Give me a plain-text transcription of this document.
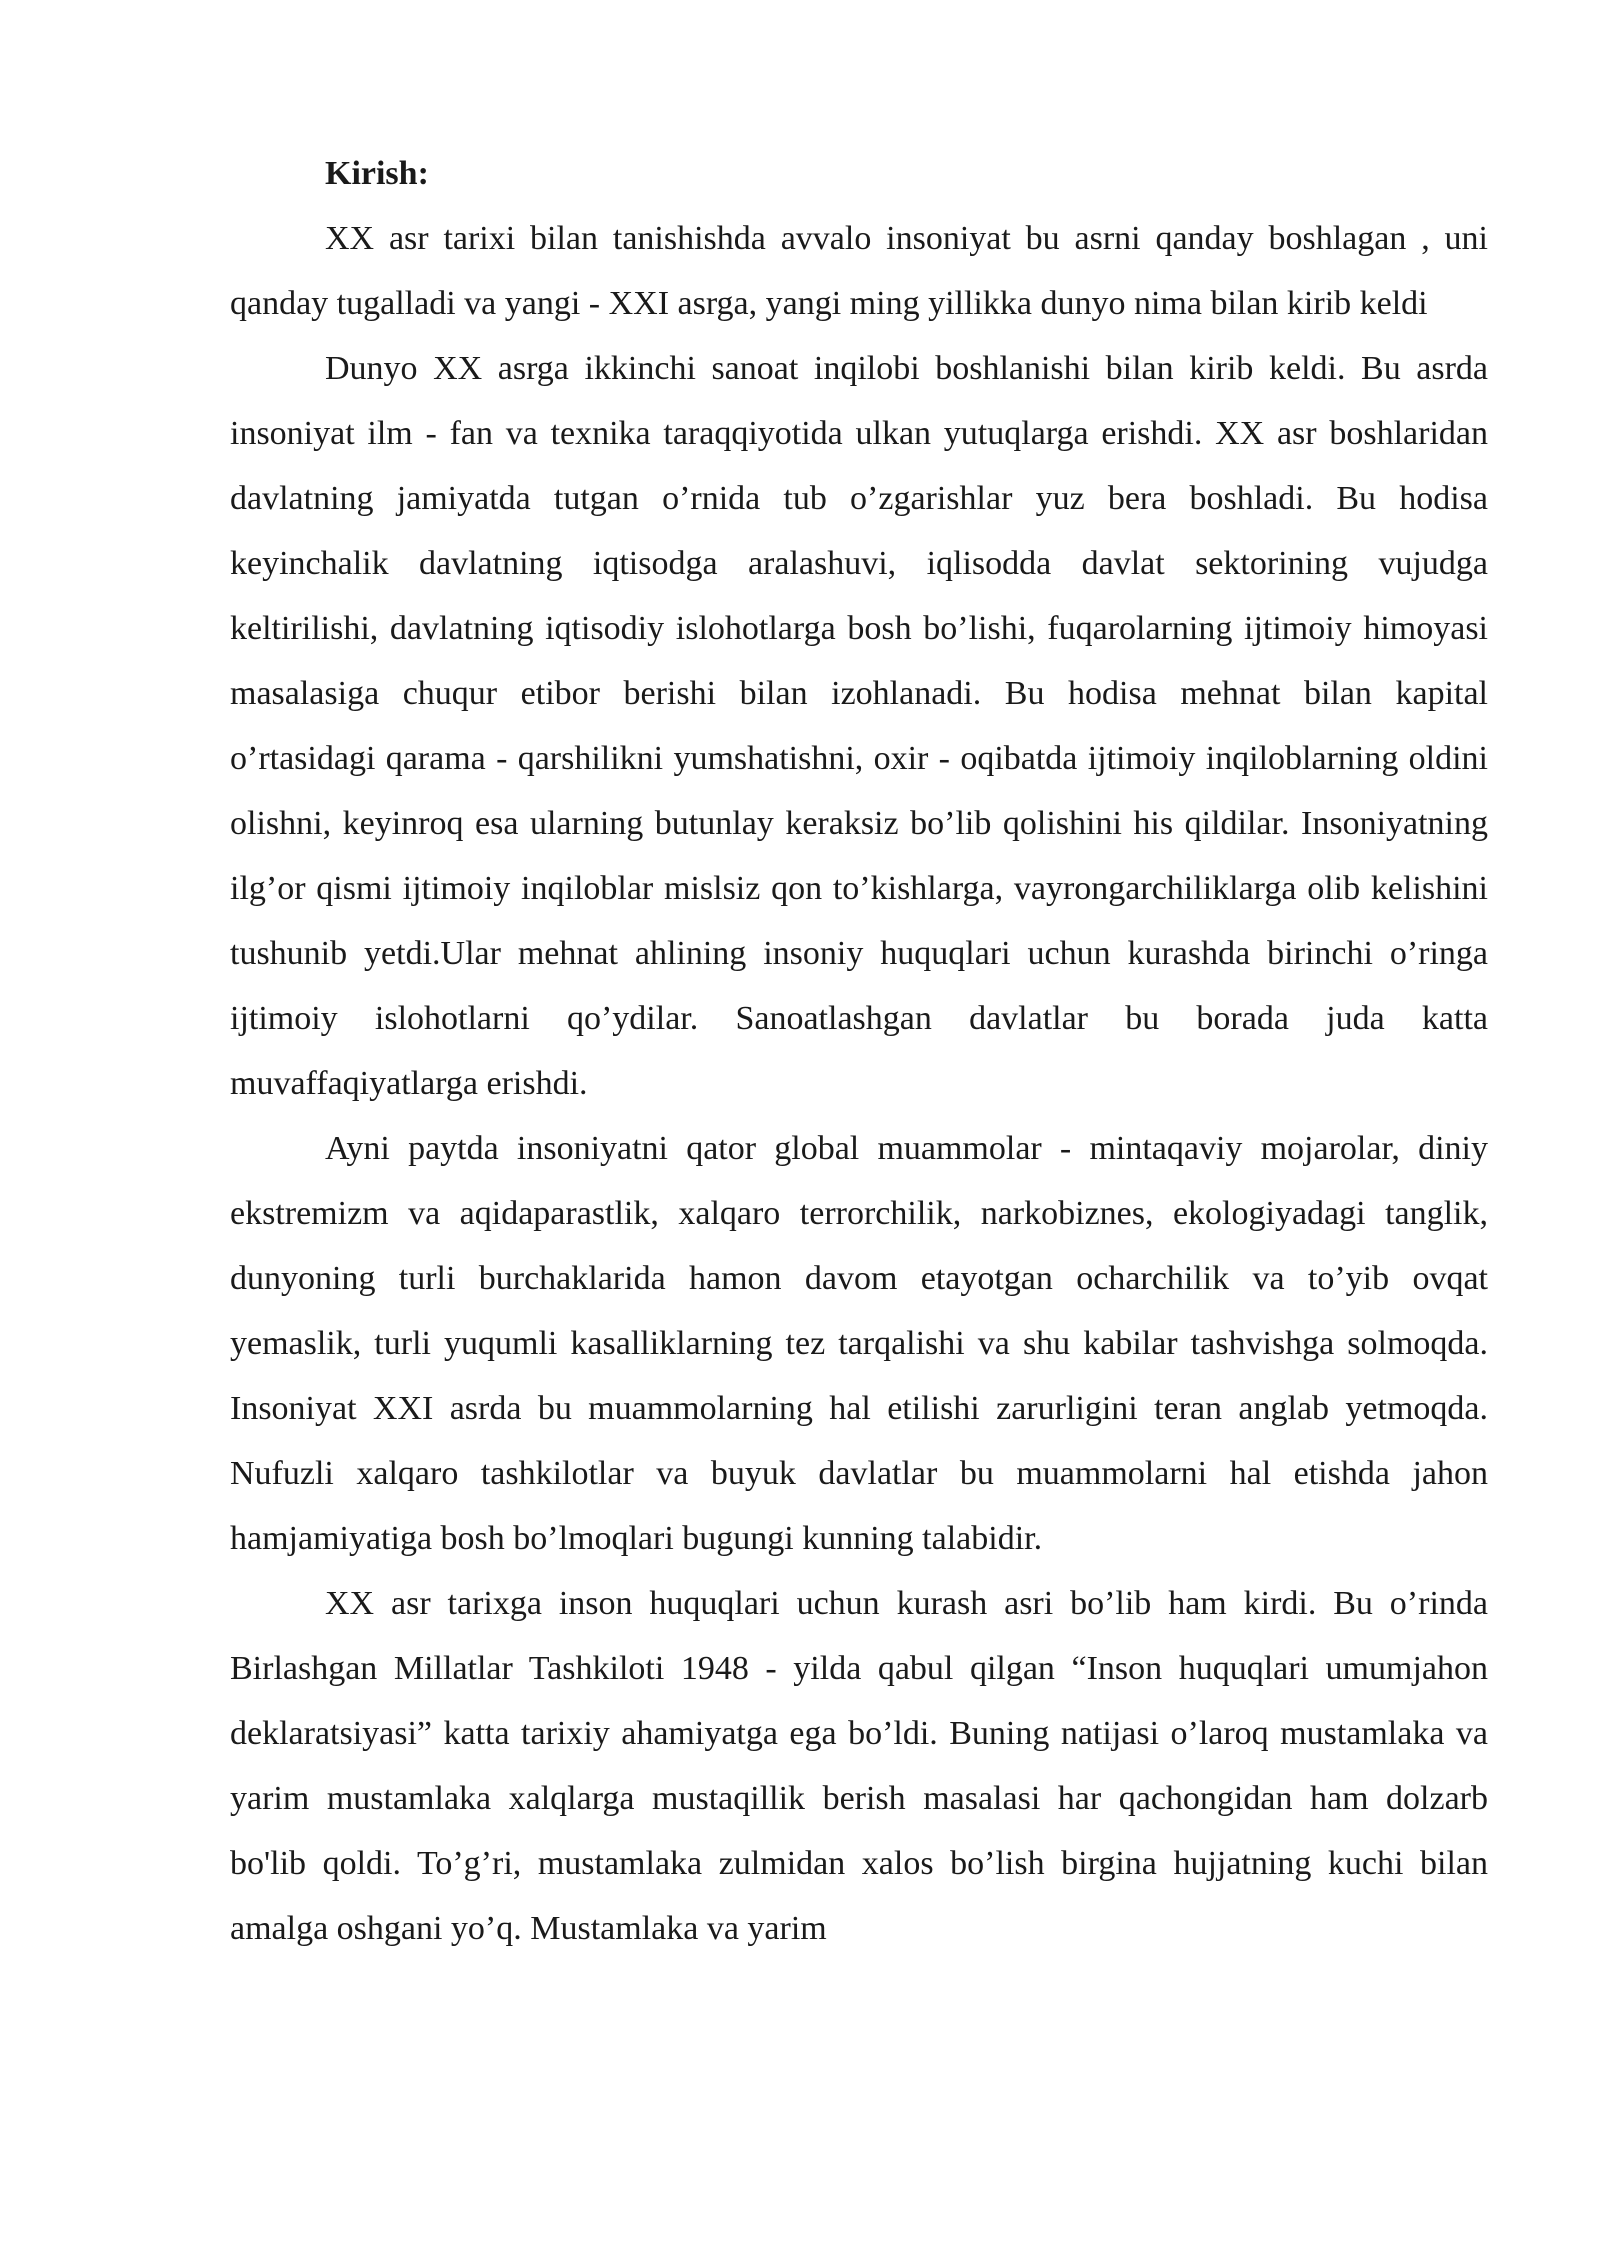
Kirish:

XX asr tarixi bilan tanishishda avvalo insoniyat bu asrni qanday boshlagan , uni qanday tugalladi va yangi - XXI asrga, yangi ming yillikka dunyo nima bilan kirib keldi

Dunyo XX asrga ikkinchi sanoat inqilobi boshlanishi bilan kirib keldi. Bu asrda insoniyat ilm - fan va texnika taraqqiyotida ulkan yutuqlarga erishdi. XX asr boshlaridan davlatning jamiyatda tutgan o’rnida tub o’zgarishlar yuz bera boshladi. Bu hodisa keyinchalik davlatning iqtisodga aralashuvi, iqlisodda davlat sektorining vujudga keltirilishi, davlatning iqtisodiy islohotlarga bosh bo’lishi, fuqarolarning ijtimoiy himoyasi masalasiga chuqur etibor berishi bilan izohlanadi. Bu hodisa mehnat bilan kapital o’rtasidagi qarama - qarshilikni yumshatishni, oxir - oqibatda ijtimoiy inqiloblarning oldini olishni, keyinroq esa ularning butunlay keraksiz bo’lib qolishini his qildilar. Insoniyatning ilg’or qismi ijtimoiy inqiloblar mislsiz qon to’kishlarga, vayrongarchiliklarga olib kelishini tushunib yetdi.Ular mehnat ahlining insoniy huquqlari uchun kurashda birinchi o’ringa ijtimoiy islohotlarni qo’ydilar. Sanoatlashgan davlatlar bu borada juda katta muvaffaqiyatlarga erishdi.

Ayni paytda insoniyatni qator global muammolar - mintaqaviy mojarolar, diniy ekstremizm va aqidaparastlik, xalqaro terrorchilik, narkobiznes, ekologiyadagi tanglik, dunyoning turli burchaklarida hamon davom etayotgan ocharchilik va to’yib ovqat yemaslik, turli yuqumli kasalliklarning tez tarqalishi va shu kabilar tashvishga solmoqda. Insoniyat XXI asrda bu muammolarning hal etilishi zarurligini teran anglab yetmoqda. Nufuzli xalqaro tashkilotlar va buyuk davlatlar bu muammolarni hal etishda jahon hamjamiyatiga bosh bo’lmoqlari bugungi kunning talabidir.

XX asr tarixga inson huquqlari uchun kurash asri bo’lib ham kirdi. Bu o’rinda Birlashgan Millatlar Tashkiloti 1948 - yilda qabul qilgan “Inson huquqlari umumjahon deklaratsiyasi” katta tarixiy ahamiyatga ega bo’ldi. Buning natijasi o’laroq mustamlaka va yarim mustamlaka xalqlarga mustaqillik berish masalasi har qachongidan ham dolzarb bo'lib qoldi. To’g’ri, mustamlaka zulmidan xalos bo’lish birgina hujjatning kuchi bilan amalga oshgani yo’q. Mustamlaka va yarim
